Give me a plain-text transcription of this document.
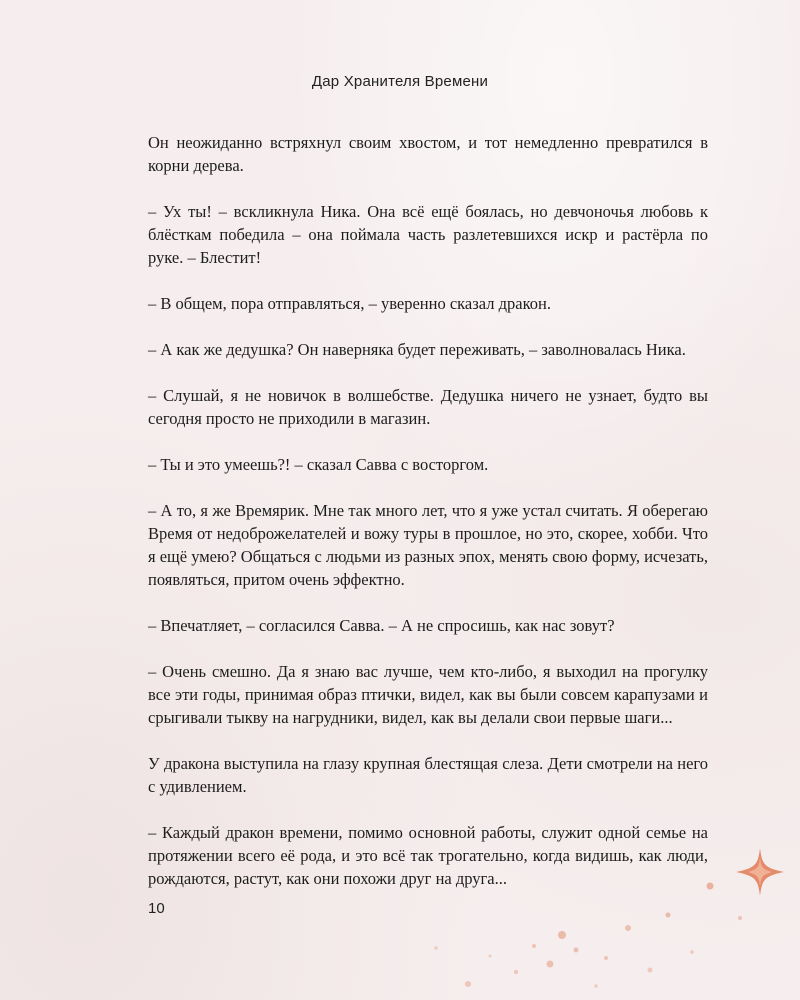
Дар Хранителя Времени

Он неожиданно встряхнул своим хвостом, и тот немедленно превратился в корни дерева.

– Ух ты! – вскликнула Ника. Она всё ещё боялась, но девчоночья любовь к блёсткам победила – она поймала часть разлетевшихся искр и растёрла по руке. – Блестит!

– В общем, пора отправляться, – уверенно сказал дракон.

– А как же дедушка? Он наверняка будет переживать, – заволновалась Ника.

– Слушай, я не новичок в волшебстве. Дедушка ничего не узнает, будто вы сегодня просто не приходили в магазин.

– Ты и это умеешь?! – сказал Савва с восторгом.

– А то, я же Времярик. Мне так много лет, что я уже устал считать. Я оберегаю Время от недоброжелателей и вожу туры в прошлое, но это, скорее, хобби. Что я ещё умею? Общаться с людьми из разных эпох, менять свою форму, исчезать, появляться, притом очень эффектно.

– Впечатляет, – согласился Савва. – А не спросишь, как нас зовут?

– Очень смешно. Да я знаю вас лучше, чем кто-либо, я выходил на прогулку все эти годы, принимая образ птички, видел, как вы были совсем карапузами и срыгивали тыкву на нагрудники, видел, как вы делали свои первые шаги...

У дракона выступила на глазу крупная блестящая слеза. Дети смотрели на него с удивлением.

– Каждый дракон времени, помимо основной работы, служит одной семье на протяжении всего её рода, и это всё так трогательно, когда видишь, как люди, рождаются, растут, как они похожи друг на друга...

10
